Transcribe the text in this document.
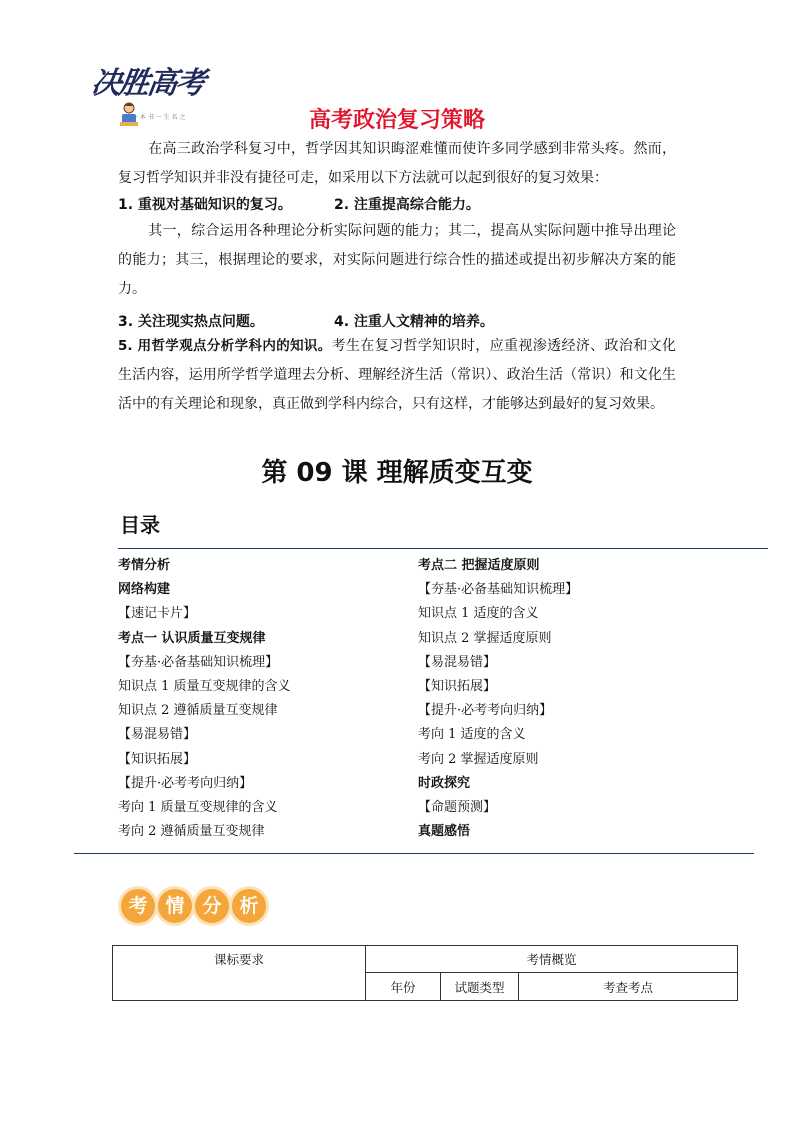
决胜高考
一 本 书 一 生 名 之	高考政治复习策略
在高三政治学科复习中，哲学因其知识晦涩难懂而使许多同学感到非常头疼。然而，复习哲学知识并非没有捷径可走，如采用以下方法就可以起到很好的复习效果：
1. 重视对基础知识的复习。	2. 注重提高综合能力。
其一，综合运用各种理论分析实际问题的能力；其二，提高从实际问题中推导出理论的能力；其三，根据理论的要求，对实际问题进行综合性的描述或提出初步解决方案的能力。
3. 关注现实热点问题。	4. 注重人文精神的培养。
5. 用哲学观点分析学科内的知识。考生在复习哲学知识时，应重视渗透经济、政治和文化生活内容，运用所学哲学道理去分析、理解经济生活（常识）、政治生活（常识）和文化生活中的有关理论和现象，真正做到学科内综合，只有这样，才能够达到最好的复习效果。
第 09 课 理解质变互变
目录
考情分析
网络构建
【速记卡片】
考点一 认识质量互变规律
【夯基·必备基础知识梳理】
知识点 1 质量互变规律的含义
知识点 2 遵循质量互变规律
【易混易错】
【知识拓展】
【提升·必考考向归纳】
考向 1 质量互变规律的含义
考向 2 遵循质量互变规律
考点二 把握适度原则
【夯基·必备基础知识梳理】
知识点 1 适度的含义
知识点 2 掌握适度原则
【易混易错】
【知识拓展】
【提升·必考考向归纳】
考向 1 适度的含义
考向 2 掌握适度原则
时政探究
【命题预测】
真题感悟
考 情 分 析
课标要求	考情概览		
	年份	试题类型	考查考点
